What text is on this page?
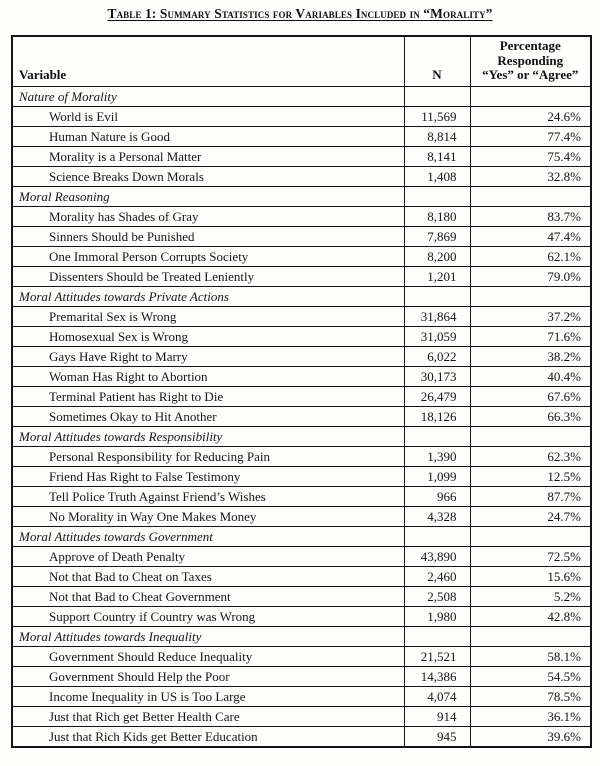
Table 1: Summary Statistics for Variables Included in “Morality”
Variable	N	Percentage
Responding
“Yes” or “Agree”

Nature of Morality		
World is Evil	11,569	24.6%
Human Nature is Good	8,814	77.4%
Morality is a Personal Matter	8,141	75.4%
Science Breaks Down Morals	1,408	32.8%
Moral Reasoning		
Morality has Shades of Gray	8,180	83.7%
Sinners Should be Punished	7,869	47.4%
One Immoral Person Corrupts Society	8,200	62.1%
Dissenters Should be Treated Leniently	1,201	79.0%
Moral Attitudes towards Private Actions		
Premarital Sex is Wrong	31,864	37.2%
Homosexual Sex is Wrong	31,059	71.6%
Gays Have Right to Marry	6,022	38.2%
Woman Has Right to Abortion	30,173	40.4%
Terminal Patient has Right to Die	26,479	67.6%
Sometimes Okay to Hit Another	18,126	66.3%
Moral Attitudes towards Responsibility		
Personal Responsibility for Reducing Pain	1,390	62.3%
Friend Has Right to False Testimony	1,099	12.5%
Tell Police Truth Against Friend’s Wishes	966	87.7%
No Morality in Way One Makes Money	4,328	24.7%
Moral Attitudes towards Government		
Approve of Death Penalty	43,890	72.5%
Not that Bad to Cheat on Taxes	2,460	15.6%
Not that Bad to Cheat Government	2,508	5.2%
Support Country if Country was Wrong	1,980	42.8%
Moral Attitudes towards Inequality		
Government Should Reduce Inequality	21,521	58.1%
Government Should Help the Poor	14,386	54.5%
Income Inequality in US is Too Large	4,074	78.5%
Just that Rich get Better Health Care	914	36.1%
Just that Rich Kids get Better Education	945	39.6%
